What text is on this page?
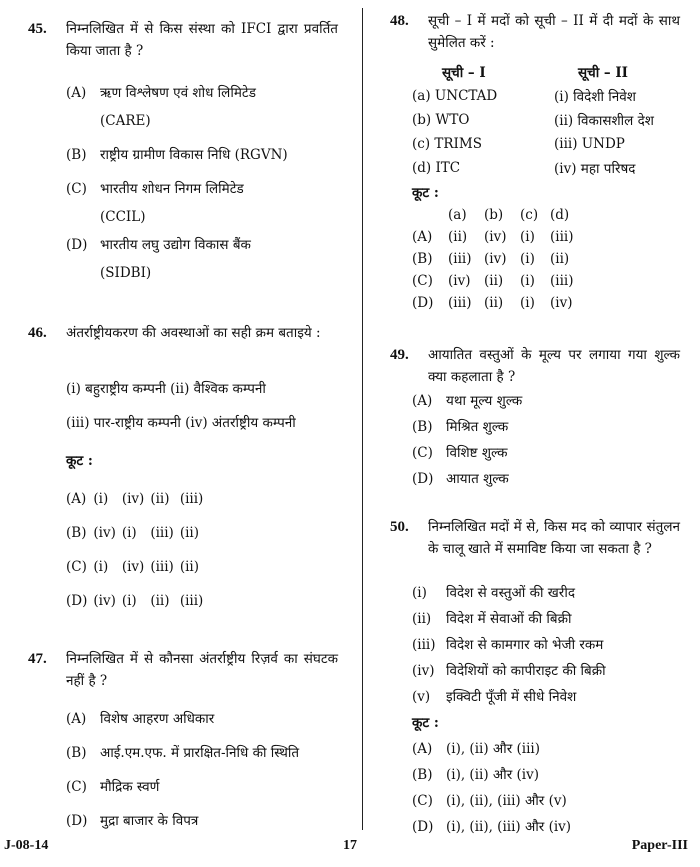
45. निम्नलिखित में से किस संस्था को IFCI द्वारा प्रवर्तित किया जाता है ?
(A) ऋण विश्लेषण एवं शोध लिमिटेड
(CARE)
(B) राष्ट्रीय ग्रामीण विकास निधि (RGVN)
(C) भारतीय शोधन निगम लिमिटेड
(CCIL)
(D) भारतीय लघु उद्योग विकास बैंक
(SIDBI)
46. अंतर्राष्ट्रीयकरण की अवस्थाओं का सही क्रम बताइये :
(i) बहुराष्ट्रीय कम्पनी (ii) वैश्विक कम्पनी
(iii) पार-राष्ट्रीय कम्पनी (iv) अंतर्राष्ट्रीय कम्पनी
कूट :
(A)	(i)	(iv)	(ii)	(iii)
(B)	(iv)	(i)	(iii)	(ii)
(C)	(i)	(iv)	(iii)	(ii)
(D)	(iv)	(i)	(ii)	(iii)
47. निम्नलिखित में से कौनसा अंतर्राष्ट्रीय रिज़र्व का संघटक नहीं है ?
(A) विशेष आहरण अधिकार
(B) आई.एम.एफ. में प्रारक्षित-निधि की स्थिति
(C) मौद्रिक स्वर्ण
(D) मुद्रा बाजार के विपत्र
48. सूची – I में मदों को सूची – II में दी मदों के साथ सुमेलित करें :
सूची – I	सूची – II
(a) UNCTAD	(i) विदेशी निवेश
(b) WTO	(ii) विकासशील देश
(c) TRIMS	(iii) UNDP
(d) ITC	(iv) महा परिषद
कूट :
	(a)	(b)	(c)	(d)
(A)	(ii)	(iv)	(i)	(iii)
(B)	(iii)	(iv)	(i)	(ii)
(C)	(iv)	(ii)	(i)	(iii)
(D)	(iii)	(ii)	(i)	(iv)
49. आयातित वस्तुओं के मूल्य पर लगाया गया शुल्क क्या कहलाता है ?
(A) यथा मूल्य शुल्क
(B) मिश्रित शुल्क
(C) विशिष्ट शुल्क
(D) आयात शुल्क
50. निम्नलिखित मदों में से, किस मद को व्यापार संतुलन के चालू खाते में समाविष्ट किया जा सकता है ?
(i) विदेश से वस्तुओं की खरीद
(ii) विदेश में सेवाओं की बिक्री
(iii) विदेश से कामगार को भेजी रकम
(iv) विदेशियों को कापीराइट की बिक्री
(v) इक्विटी पूँजी में सीधे निवेश
कूट :
(A) (i), (ii) और (iii)
(B) (i), (ii) और (iv)
(C) (i), (ii), (iii) और (v)
(D) (i), (ii), (iii) और (iv)
J-08-14	17	Paper-III
